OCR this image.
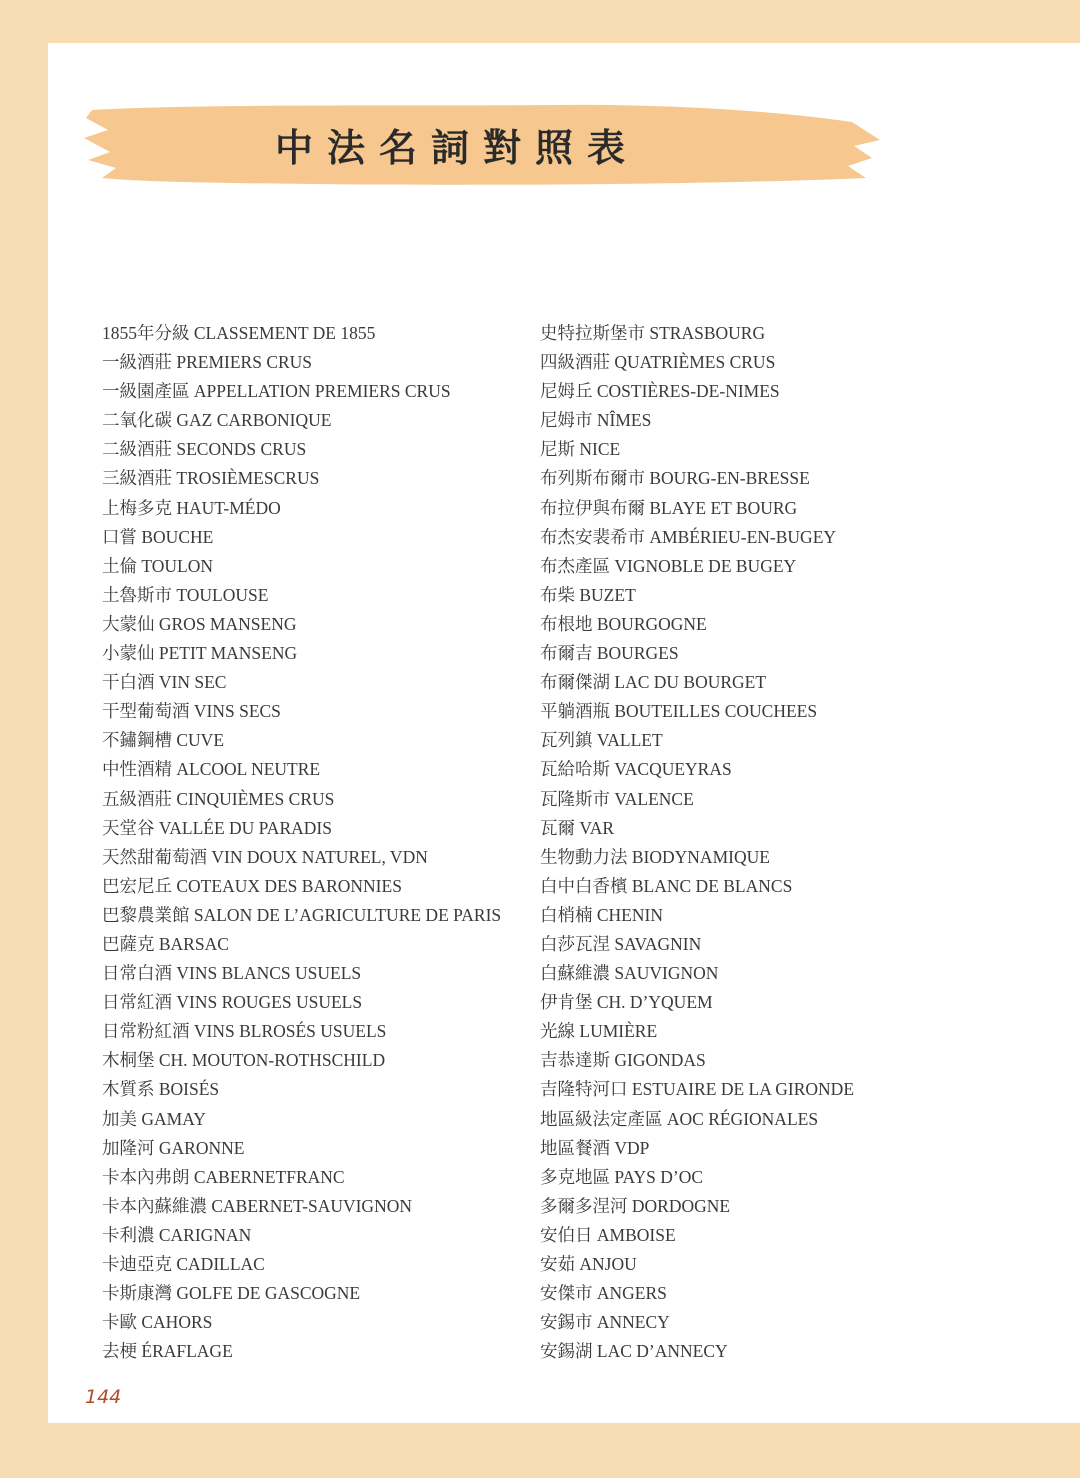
中法名詞對照表
1855年分級 CLASSEMENT DE 1855
一級酒莊 PREMIERS CRUS
一級園產區 APPELLATION PREMIERS CRUS
二氧化碳 GAZ CARBONIQUE
二級酒莊 SECONDS CRUS
三級酒莊 TROSIÈMESCRUS
上梅多克 HAUT-MÉDO
口嘗 BOUCHE
土倫 TOULON
土魯斯市 TOULOUSE
大蒙仙 GROS MANSENG
小蒙仙 PETIT MANSENG
干白酒 VIN SEC
干型葡萄酒 VINS SECS
不鏽鋼槽 CUVE
中性酒精 ALCOOL NEUTRE
五級酒莊 CINQUIÈMES CRUS
天堂谷 VALLÉE DU PARADIS
天然甜葡萄酒 VIN DOUX NATUREL, VDN
巴宏尼丘 COTEAUX DES BARONNIES
巴黎農業館 SALON DE L’AGRICULTURE DE PARIS
巴薩克 BARSAC
日常白酒 VINS BLANCS USUELS
日常紅酒 VINS ROUGES USUELS
日常粉紅酒 VINS BLROSÉS USUELS
木桐堡 CH. MOUTON-ROTHSCHILD
木質系 BOISÉS
加美 GAMAY
加隆河 GARONNE
卡本內弗朗 CABERNETFRANC
卡本內蘇維濃 CABERNET-SAUVIGNON
卡利濃 CARIGNAN
卡迪亞克 CADILLAC
卡斯康灣 GOLFE DE GASCOGNE
卡歐 CAHORS
去梗 ÉRAFLAGE
史特拉斯堡市 STRASBOURG
四級酒莊 QUATRIÈMES CRUS
尼姆丘 COSTIÈRES-DE-NIMES
尼姆市 NÎMES
尼斯 NICE
布列斯布爾市 BOURG-EN-BRESSE
布拉伊與布爾 BLAYE ET BOURG
布杰安裴希市 AMBÉRIEU-EN-BUGEY
布杰產區 VIGNOBLE DE BUGEY
布柴 BUZET
布根地 BOURGOGNE
布爾吉 BOURGES
布爾傑湖 LAC DU BOURGET
平躺酒瓶 BOUTEILLES COUCHEES
瓦列鎮 VALLET
瓦給哈斯 VACQUEYRAS
瓦隆斯市 VALENCE
瓦爾 VAR
生物動力法 BIODYNAMIQUE
白中白香檳 BLANC DE BLANCS
白梢楠 CHENIN
白莎瓦涅 SAVAGNIN
白蘇維濃 SAUVIGNON
伊肯堡 CH. D’YQUEM
光線 LUMIÈRE
吉恭達斯 GIGONDAS
吉隆特河口 ESTUAIRE DE LA GIRONDE
地區級法定產區 AOC RÉGIONALES
地區餐酒 VDP
多克地區 PAYS D’OC
多爾多涅河 DORDOGNE
安伯日 AMBOISE
安茹 ANJOU
安傑市 ANGERS
安錫市 ANNECY
安錫湖 LAC D’ANNECY
144
